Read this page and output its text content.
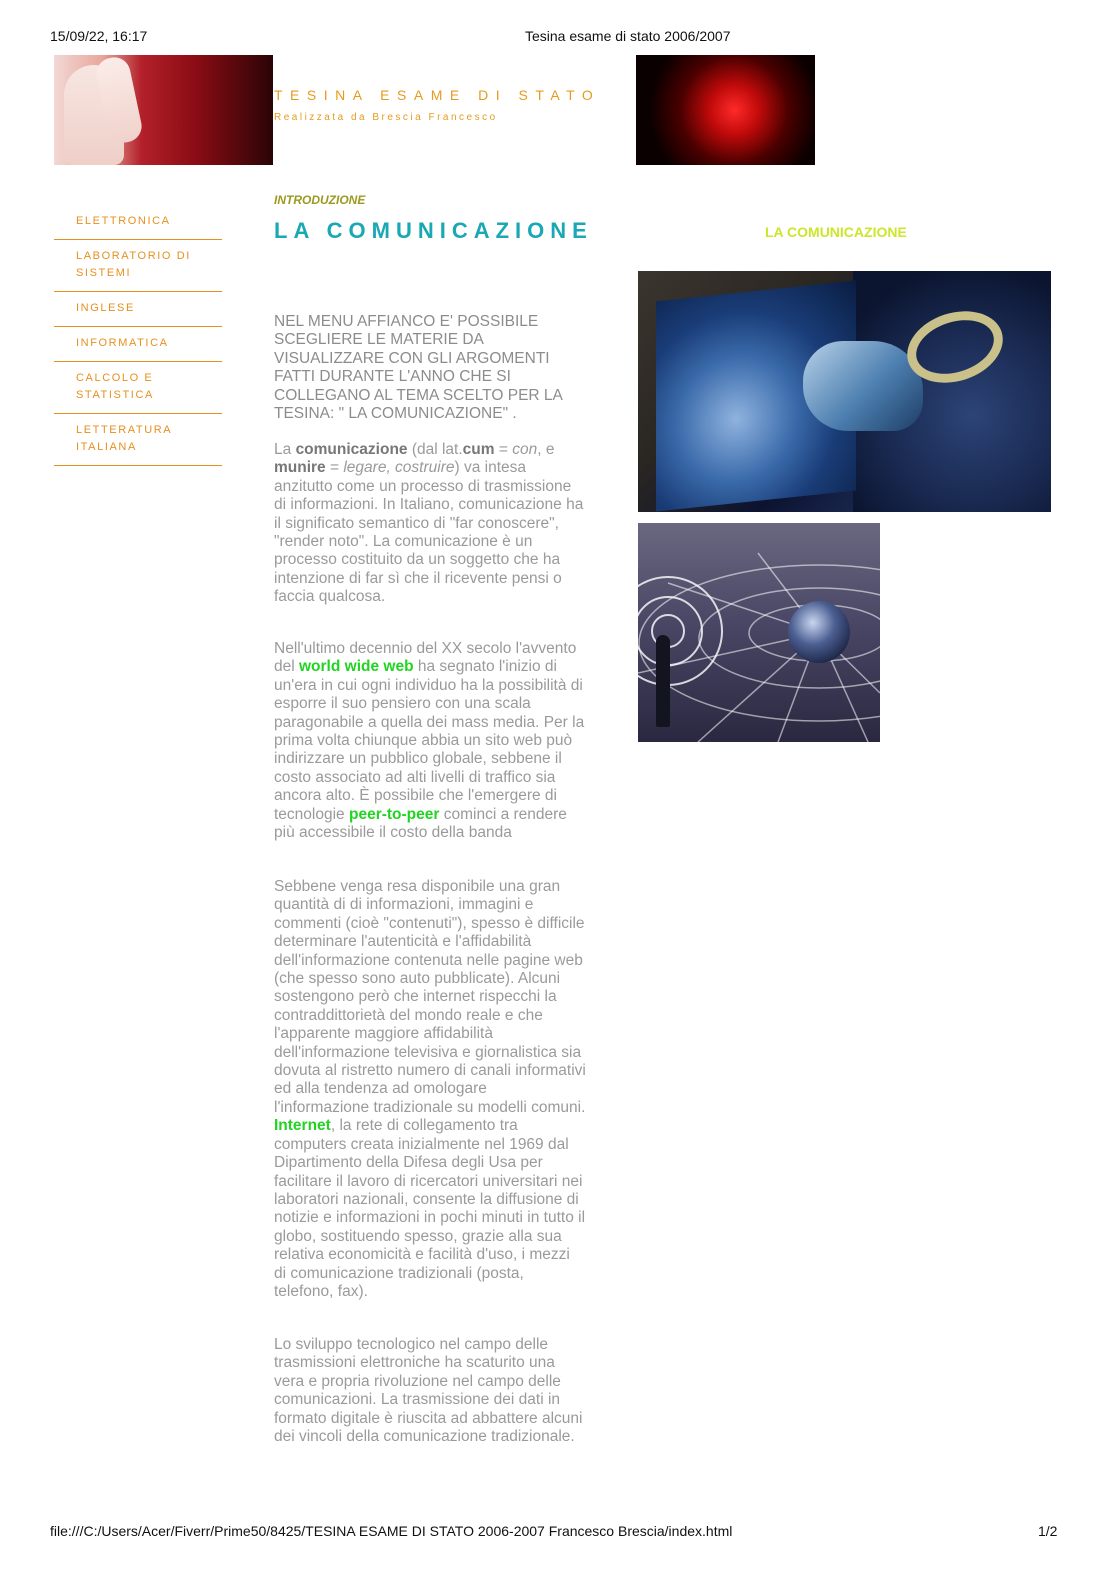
15/09/22, 16:17	Tesina esame di stato 2006/2007
TESINA ESAME DI STATO
Realizzata da Brescia Francesco
ELETTRONICA
LABORATORIO DI SISTEMI
INGLESE
INFORMATICA
CALCOLO E STATISTICA
LETTERATURA ITALIANA
INTRODUZIONE
LA COMUNICAZIONE
NEL MENU AFFIANCO E' POSSIBILE SCEGLIERE LE MATERIE DA VISUALIZZARE CON GLI ARGOMENTI FATTI DURANTE L'ANNO CHE SI COLLEGANO AL TEMA SCELTO PER LA TESINA: " LA COMUNICAZIONE" .
La comunicazione (dal lat.cum = con, e munire = legare, costruire) va intesa anzitutto come un processo di trasmissione di informazioni. In Italiano, comunicazione ha il significato semantico di "far conoscere", "render noto". La comunicazione è un processo costituito da un soggetto che ha intenzione di far sì che il ricevente pensi o faccia qualcosa.
Nell'ultimo decennio del XX secolo l'avvento del world wide web ha segnato l'inizio di un'era in cui ogni individuo ha la possibilità di esporre il suo pensiero con una scala paragonabile a quella dei mass media. Per la prima volta chiunque abbia un sito web può indirizzare un pubblico globale, sebbene il costo associato ad alti livelli di traffico sia ancora alto. È possibile che l'emergere di tecnologie peer-to-peer cominci a rendere più accessibile il costo della banda
Sebbene venga resa disponibile una gran quantità di di informazioni, immagini e commenti (cioè "contenuti"), spesso è difficile determinare l'autenticità e l'affidabilità dell'informazione contenuta nelle pagine web (che spesso sono auto pubblicate). Alcuni sostengono però che internet rispecchi la contraddittorietà del mondo reale e che l'apparente maggiore affidabilità dell'informazione televisiva e giornalistica sia dovuta al ristretto numero di canali informativi ed alla tendenza ad omologare l'informazione tradizionale su modelli comuni. Internet, la rete di collegamento tra computers creata inizialmente nel 1969 dal Dipartimento della Difesa degli Usa per facilitare il lavoro di ricercatori universitari nei laboratori nazionali, consente la diffusione di notizie e informazioni in pochi minuti in tutto il globo, sostituendo spesso, grazie alla sua relativa economicità e facilità d'uso, i mezzi di comunicazione tradizionali (posta, telefono, fax).
Lo sviluppo tecnologico nel campo delle trasmissioni elettroniche ha scaturito una vera e propria rivoluzione nel campo delle comunicazioni. La trasmissione dei dati in formato digitale è riuscita ad abbattere alcuni dei vincoli della comunicazione tradizionale.
LA COMUNICAZIONE
file:///C:/Users/Acer/Fiverr/Prime50/8425/TESINA ESAME DI STATO 2006-2007 Francesco Brescia/index.html	1/2
